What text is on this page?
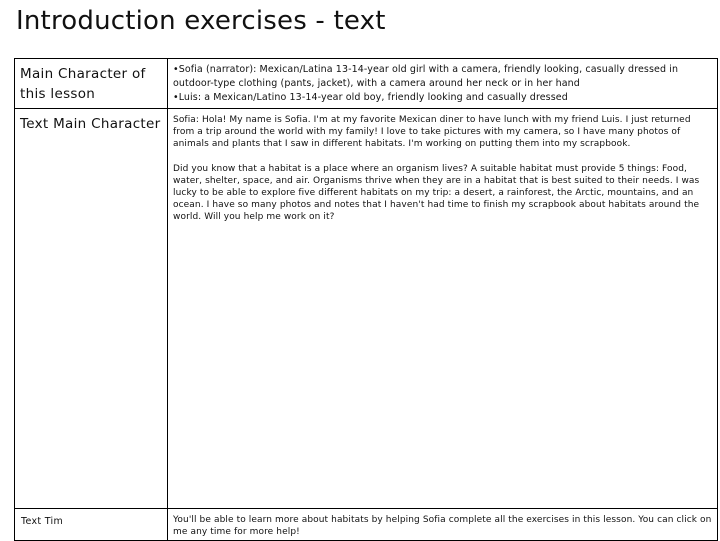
Introduction exercises - text
Main Character of this lesson	•Sofia (narrator): Mexican/Latina 13-14-year old girl with a camera, friendly looking, casually dressed in outdoor-type clothing (pants, jacket), with a camera around her neck or in her hand

•Luis: a Mexican/Latino 13-14-year old boy, friendly looking and casually dressed

Text Main Character	Sofia: Hola! My name is Sofia. I'm at my favorite Mexican diner to have lunch with my friend Luis. I just returned from a trip around the world with my family! I love to take pictures with my camera, so I have many photos of animals and plants that I saw in different habitats. I'm working on putting them into my scrapbook.

Did you know that a habitat is a place where an organism lives? A suitable habitat must provide 5 things: Food, water, shelter, space, and air. Organisms thrive when they are in a habitat that is best suited to their needs. I was lucky to be able to explore five different habitats on my trip: a desert, a rainforest, the Arctic, mountains, and an ocean. I have so many photos and notes that I haven't had time to finish my scrapbook about habitats around the world. Will you help me work on it?

Text Tim	You'll be able to learn more about habitats by helping Sofia complete all the exercises in this lesson. You can click on me any time for more help!
